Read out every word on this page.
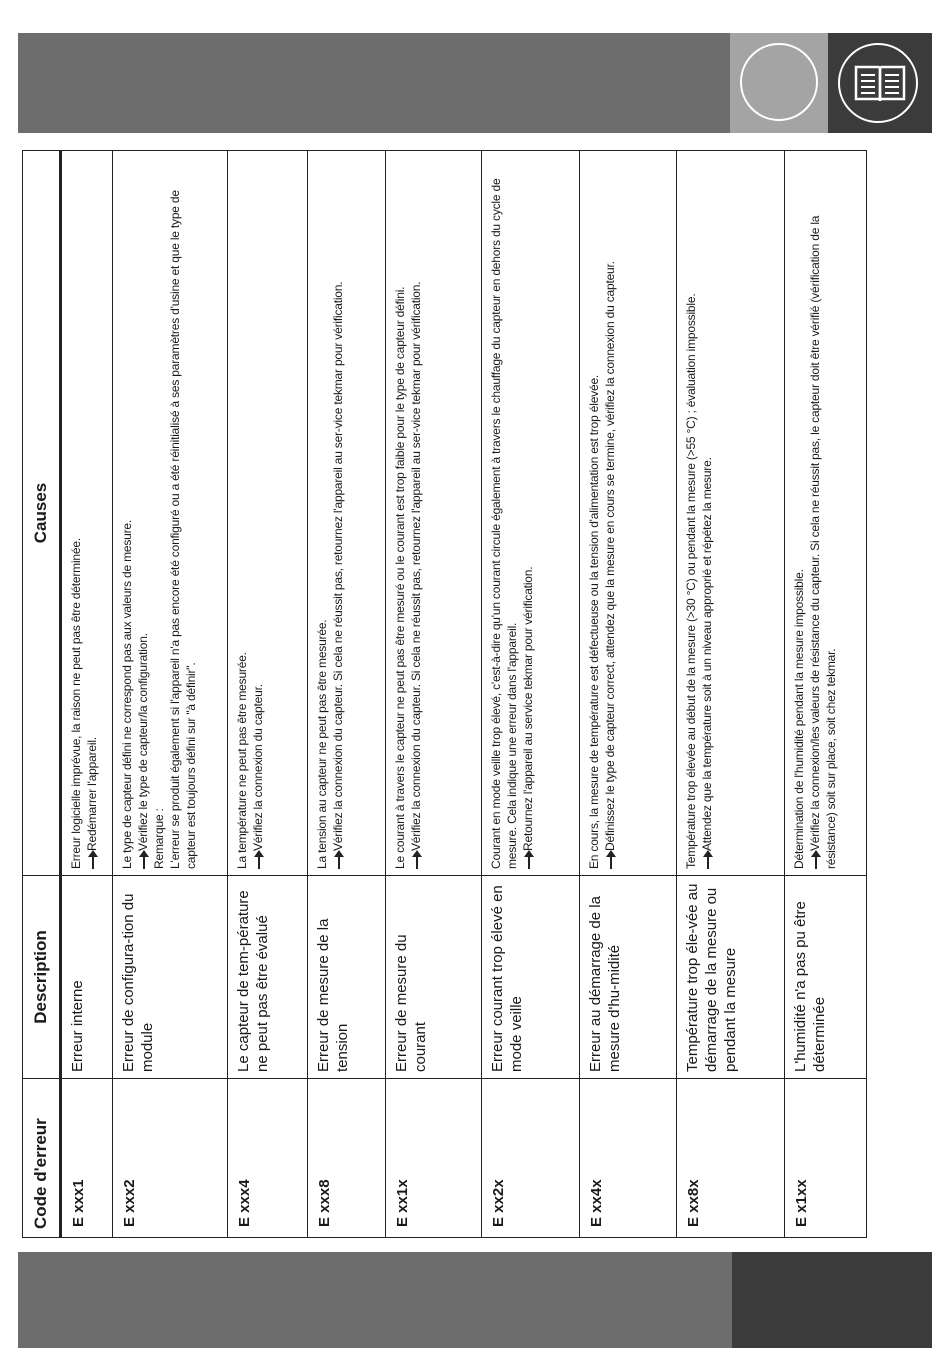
Code d'erreur	Description	Causes
E xxx1	Erreur interne	Erreur logicielle imprévue, la raison ne peut pas être déterminée. Redémarrer l'appareil.

E xxx2	Erreur de configura-tion du module	Le type de capteur défini ne correspond pas aux valeurs de mesure. Vérifiez le type de capteur/la configuration. Remarque : L'erreur se produit également si l'appareil n'a pas encore été configuré ou a été réinitialisé à ses paramètres d'usine et que le type de capteur est toujours défini sur "à définir".

E xxx4	Le capteur de tem-pérature ne peut pas être évalué	La température ne peut pas être mesurée. Vérifiez la connexion du capteur.

E xxx8	Erreur de mesure de la tension	La tension au capteur ne peut pas être mesurée. Vérifiez la connexion du capteur. Si cela ne réussit pas, retournez l'appareil au ser-vice tekmar pour vérification.

E xx1x	Erreur de mesure du courant	Le courant à travers le capteur ne peut pas être mesuré ou le courant est trop faible pour le type de capteur défini. Vérifiez la connexion du capteur. Si cela ne réussit pas, retournez l'appareil au ser-vice tekmar pour vérification.

E xx2x	Erreur courant trop élevé en mode veille	Courant en mode veille trop élevé, c'est-à-dire qu'un courant circule également à travers le chauffage du capteur en dehors du cycle de mesure. Cela indique une erreur dans l'appareil. Retournez l'appareil au service tekmar pour vérification.

E xx4x	Erreur au démarrage de la mesure d'hu-midité	En cours, la mesure de température est défectueuse ou la tension d'alimentation est trop élevée. Définissez le type de capteur correct, attendez que la mesure en cours se termine, vérifiez la connexion du capteur.

E xx8x	Température trop éle-vée au démarrage de la mesure ou pendant la mesure	Température trop élevée au début de la mesure (>30 °C) ou pendant la mesure (>55 °C) ; évaluation impossible. Attendez que la température soit à un niveau approprié et répétez la mesure.

E x1xx	L'humidité n'a pas pu être déterminée	Détermination de l'humidité pendant la mesure impossible. Vérifiez la connexion/les valeurs de résistance du capteur. Si cela ne réussit pas, le capteur doit être vérifié (vérification de la résistance) soit sur place, soit chez tekmar.
